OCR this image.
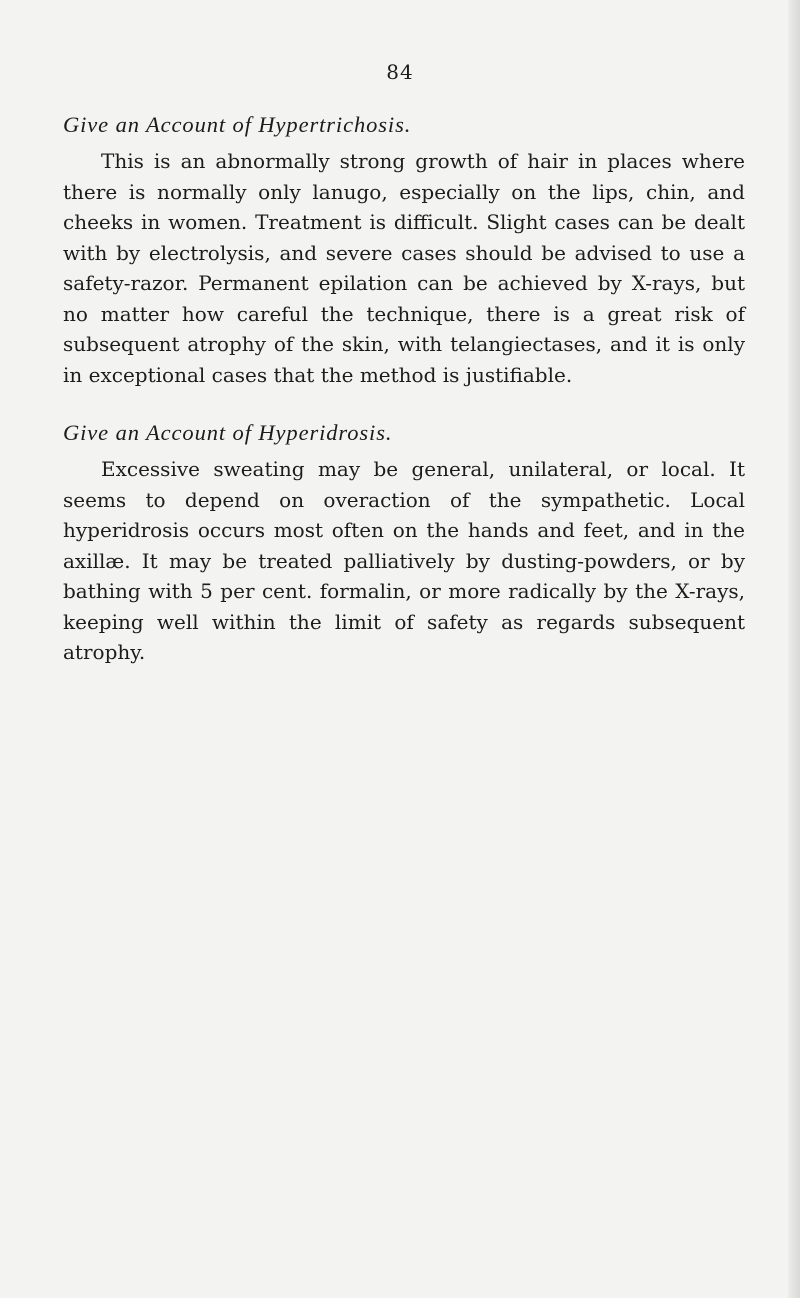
84

Give an Account of Hypertrichosis.

This is an abnormally strong growth of hair in places where there is normally only lanugo, especially on the lips, chin, and cheeks in women. Treatment is difficult. Slight cases can be dealt with by electrolysis, and severe cases should be advised to use a safety-razor. Permanent epilation can be achieved by X-rays, but no matter how careful the technique, there is a great risk of subsequent atrophy of the skin, with telangiectases, and it is only in exceptional cases that the method is justifiable.

Give an Account of Hyperidrosis.

Excessive sweating may be general, unilateral, or local. It seems to depend on overaction of the sympathetic. Local hyperidrosis occurs most often on the hands and feet, and in the axillæ. It may be treated palliatively by dusting-powders, or by bathing with 5 per cent. formalin, or more radically by the X-rays, keeping well within the limit of safety as regards subsequent atrophy.
